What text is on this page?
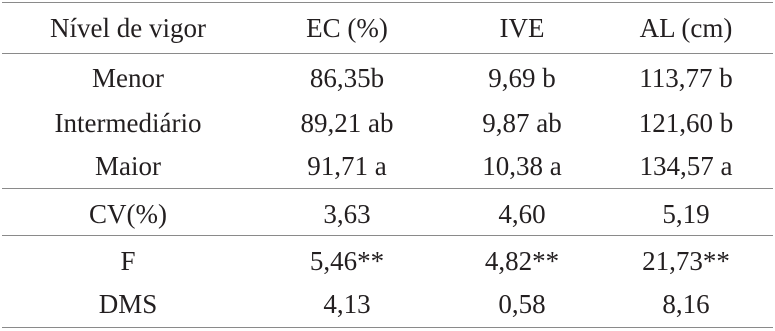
Nível de vigor	EC (%)	IVE	AL (cm)
Menor	86,35b	9,69 b	113,77 b
Intermediário	89,21 ab	9,87 ab	121,60 b
Maior	91,71 a	10,38 a	134,57 a
CV(%)	3,63	4,60	5,19
F	5,46**	4,82**	21,73**
DMS	4,13	0,58	8,16
